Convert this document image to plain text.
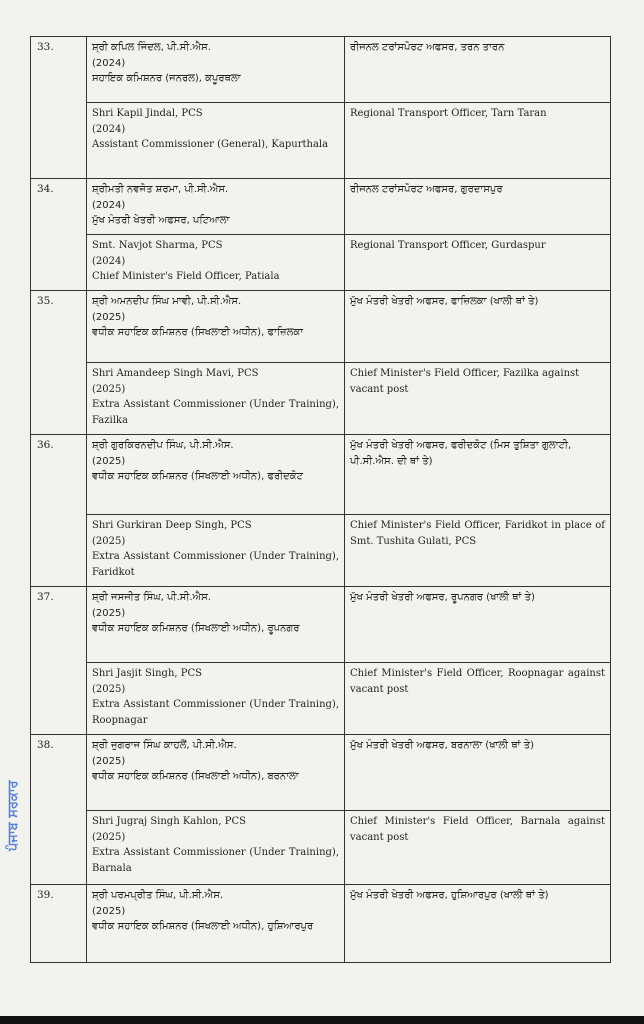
ਪੰਜਾਬ ਸਰਕਾਰ
33.	ਸ਼੍ਰੀ ਕਪਿਲ ਜਿੰਦਲ, ਪੀ.ਸੀ.ਐਸ.
(2024)
ਸਹਾਇਕ ਕਮਿਸ਼ਨਰ (ਜਨਰਲ), ਕਪੂਰਥਲਾ	ਰੀਜਨਲ ਟਰਾਂਸਪੋਰਟ ਅਫਸਰ, ਤਰਨ ਤਾਰਨ

	Shri Kapil Jindal, PCS
(2024)
Assistant Commissioner (General), Kapurthala	Regional Transport Officer, Tarn Taran
34.	ਸ਼੍ਰੀਮਤੀ ਨਵਜੋਤ ਸ਼ਰਮਾ, ਪੀ.ਸੀ.ਐਸ.
(2024)
ਮੁੱਖ ਮੰਤਰੀ ਖੇਤਰੀ ਅਫਸਰ, ਪਟਿਆਲਾ	ਰੀਜਨਲ ਟਰਾਂਸਪੋਰਟ ਅਫਸਰ, ਗੁਰਦਾਸਪੁਰ

	Smt. Navjot Sharma, PCS
(2024)
Chief Minister's Field Officer, Patiala	Regional Transport Officer, Gurdaspur
35.	ਸ਼੍ਰੀ ਅਮਨਦੀਪ ਸਿੰਘ ਮਾਵੀ, ਪੀ.ਸੀ.ਐਸ.
(2025)
ਵਧੀਕ ਸਹਾਇਕ ਕਮਿਸ਼ਨਰ (ਸਿਖਲਾਈ ਅਧੀਨ), ਫਾਜ਼ਿਲਕਾ	ਮੁੱਖ ਮੰਤਰੀ ਖੇਤਰੀ ਅਫਸਰ, ਫਾਜ਼ਿਲਕਾ (ਖਾਲੀ ਥਾਂ ਤੇ)

	Shri Amandeep Singh Mavi, PCS
(2025)
Extra Assistant Commissioner (Under Training), Fazilka	Chief Minister's Field Officer, Fazilka against vacant post
36.	ਸ਼੍ਰੀ ਗੁਰਕਿਰਨਦੀਪ ਸਿੰਘ, ਪੀ.ਸੀ.ਐਸ.
(2025)
ਵਧੀਕ ਸਹਾਇਕ ਕਮਿਸ਼ਨਰ (ਸਿਖਲਾਈ ਅਧੀਨ), ਫਰੀਦਕੋਟ	ਮੁੱਖ ਮੰਤਰੀ ਖੇਤਰੀ ਅਫਸਰ, ਫਰੀਦਕੋਟ (ਮਿਸ ਤੁਸ਼ਿਤਾ ਗੁਲਾਟੀ, ਪੀ.ਸੀ.ਐਸ. ਦੀ ਥਾਂ ਤੇ)

	Shri Gurkiran Deep Singh, PCS
(2025)
Extra Assistant Commissioner (Under Training), Faridkot	Chief Minister's Field Officer, Faridkot in place of Smt. Tushita Gulati, PCS
37.	ਸ਼੍ਰੀ ਜਸਜੀਤ ਸਿੰਘ, ਪੀ.ਸੀ.ਐਸ.
(2025)
ਵਧੀਕ ਸਹਾਇਕ ਕਮਿਸ਼ਨਰ (ਸਿਖਲਾਈ ਅਧੀਨ), ਰੂਪਨਗਰ	ਮੁੱਖ ਮੰਤਰੀ ਖੇਤਰੀ ਅਫਸਰ, ਰੂਪਨਗਰ (ਖਾਲੀ ਥਾਂ ਤੇ)

	Shri Jasjit Singh, PCS
(2025)
Extra Assistant Commissioner (Under Training), Roopnagar	Chief Minister's Field Officer, Roopnagar against vacant post
38.	ਸ਼੍ਰੀ ਜੁਗਰਾਜ ਸਿੰਘ ਕਾਹਲੋਂ, ਪੀ.ਸੀ.ਐਸ.
(2025)
ਵਧੀਕ ਸਹਾਇਕ ਕਮਿਸ਼ਨਰ (ਸਿਖਲਾਈ ਅਧੀਨ), ਬਰਨਾਲਾ	ਮੁੱਖ ਮੰਤਰੀ ਖੇਤਰੀ ਅਫਸਰ, ਬਰਨਾਲਾ (ਖਾਲੀ ਥਾਂ ਤੇ)

	Shri Jugraj Singh Kahlon, PCS
(2025)
Extra Assistant Commissioner (Under Training), Barnala	Chief Minister's Field Officer, Barnala against vacant post
39.	ਸ਼੍ਰੀ ਪਰਮਪ੍ਰੀਤ ਸਿੰਘ, ਪੀ.ਸੀ.ਐਸ.
(2025)
ਵਧੀਕ ਸਹਾਇਕ ਕਮਿਸ਼ਨਰ (ਸਿਖਲਾਈ ਅਧੀਨ), ਹੁਸ਼ਿਆਰਪੁਰ	ਮੁੱਖ ਮੰਤਰੀ ਖੇਤਰੀ ਅਫਸਰ, ਹੁਸ਼ਿਆਰਪੁਰ (ਖਾਲੀ ਥਾਂ ਤੇ)
